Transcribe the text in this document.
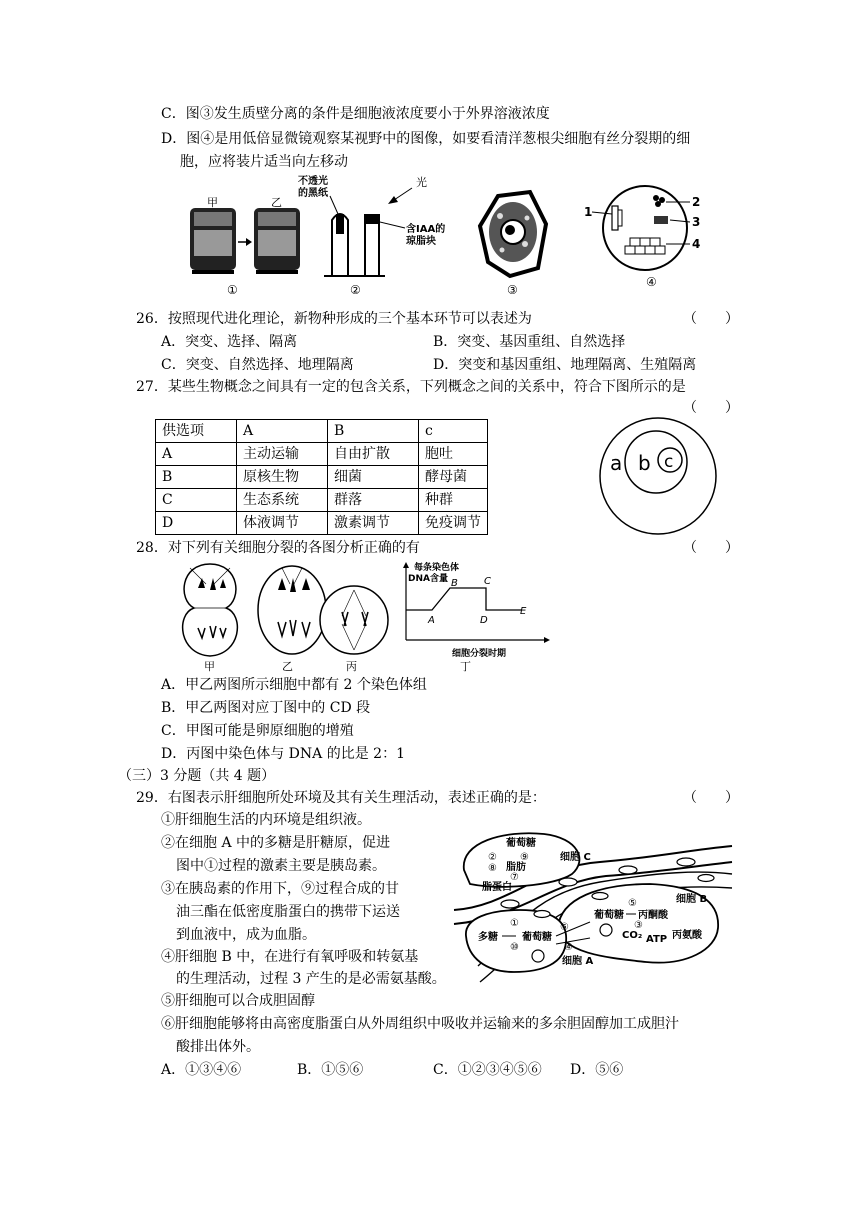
C．图③发生质壁分离的条件是细胞液浓度要小于外界溶液浓度
D．图④是用低倍显微镜观察某视野中的图像，如要看清洋葱根尖细胞有丝分裂期的细
胞，应将装片适当向左移动
甲	乙
①
不透光
的黑纸
光
含IAA的
琼脂块
②	③
1
2
3
4
④
26．按照现代进化理论，新物种形成的三个基本环节可以表述为	（　　）
A．突变、选择、隔离	B．突变、基因重组、自然选择
C．突变、自然选择、地理隔离	D．突变和基因重组、地理隔离、生殖隔离
27．某些生物概念之间具有一定的包含关系，下列概念之间的关系中，符合下图所示的是
（　　）
供选项	A	B	c
A	主动运输	自由扩散	胞吐
B	原核生物	细菌	酵母菌
C	生态系统	群落	种群
D	体液调节	激素调节	免疫调节
a b c
28．对下列有关细胞分裂的各图分析正确的有	（　　）
每条染色体
DNA含量
A
B	C
D
E
细胞分裂时期
甲	乙	丙	丁
A．甲乙两图所示细胞中都有 2 个染色体组
B．甲乙两图对应丁图中的 CD 段
C．甲图可能是卵原细胞的增殖
D．丙图中染色体与 DNA 的比是 2：1
（三）3 分题（共 4 题）
29．右图表示肝细胞所处环境及其有关生理活动，表述正确的是：	（　　）
①肝细胞生活的内环境是组织液。
②在细胞 A 中的多糖是肝糖原，促进
图中①过程的激素主要是胰岛素。
③在胰岛素的作用下，⑨过程合成的甘
油三酯在低密度脂蛋白的携带下运送
到血液中，成为血脂。
④肝细胞 B 中，在进行有氧呼吸和转氨基
的生理活动，过程 3 产生的是必需氨基酸。
⑤肝细胞可以合成胆固醇
⑥肝细胞能够将由高密度脂蛋白从外周组织中吸收并运输来的多余胆固醇加工成胆汁
酸排出体外。
A．①③④⑥	B．①⑤⑥	C．①②③④⑤⑥ D．⑤⑥
葡萄糖
②
⑧
⑨
脂肪
⑦
脂蛋白
细胞 C
细胞 B
⑤
葡萄糖 丙酮酸
CO₂ ATP 丙氨酸
③
①
多糖 葡萄糖
⑩
⑥
④
细胞 A
